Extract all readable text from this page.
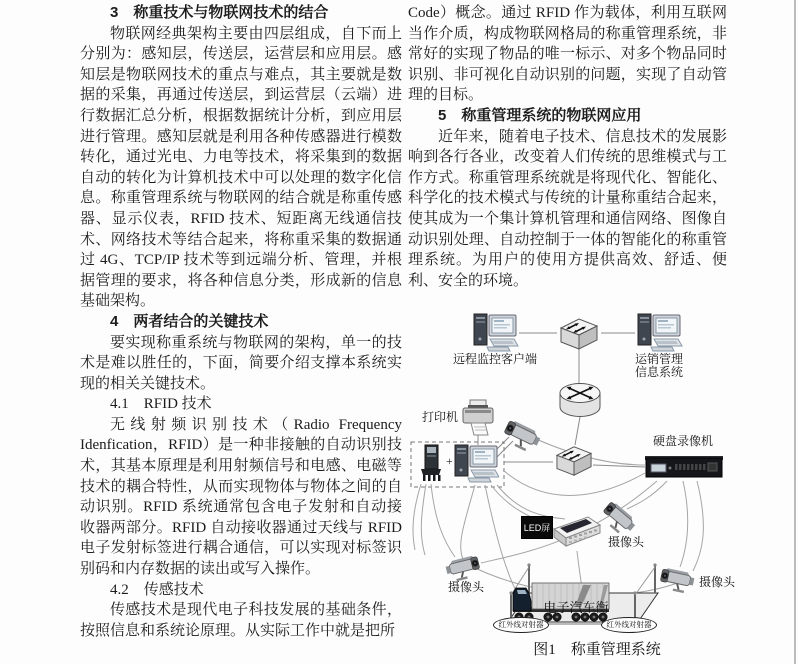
3　称重技术与物联网技术的结合

物联网经典架构主要由四层组成，自下而上分别为：感知层，传送层，运营层和应用层。感知层是物联网技术的重点与难点，其主要就是数据的采集，再通过传送层，到运营层（云端）进行数据汇总分析，根据数据统计分析，到应用层进行管理。感知层就是利用各种传感器进行模数转化，通过光电、力电等技术，将采集到的数据自动的转化为计算机技术中可以处理的数字化信息。称重管理系统与物联网的结合就是称重传感器、显示仪表，RFID 技术、短距离无线通信技术、网络技术等结合起来，将称重采集的数据通过 4G、TCP/IP 技术等到远端分析、管理，并根据管理的要求，将各种信息分类，形成新的信息基础架构。

4　两者结合的关键技术

要实现称重系统与物联网的架构，单一的技术是难以胜任的，下面，简要介绍支撑本系统实现的相关关键技术。

4.1　RFID 技术

无线射频识别技术（Radio Frequency Idenfication，RFID）是一种非接触的自动识别技术，其基本原理是利用射频信号和电感、电磁等技术的耦合特性，从而实现物体与物体之间的自动识别。RFID 系统通常包含电子发射和自动接收器两部分。RFID 自动接收器通过天线与 RFID 电子发射标签进行耦合通信，可以实现对标签识别码和内存数据的读出或写入操作。

4.2　传感技术

传感技术是现代电子科技发展的基础条件，按照信息和系统论原理。从实际工作中就是把所

Code）概念。通过 RFID 作为载体，利用互联网当作介质，构成物联网格局的称重管理系统，非常好的实现了物品的唯一标示、对多个物品同时识别、非可视化自动识别的问题，实现了自动管理的目标。

5　称重管理系统的物联网应用

近年来，随着电子技术、信息技术的发展影响到各行各业，改变着人们传统的思维模式与工作方式。称重管理系统就是将现代化、智能化、科学化的技术模式与传统的计量称重结合起来，使其成为一个集计算机管理和通信网络、图像自动识别处理、自动控制于一体的智能化的称重管理系统。为用户的使用方提供高效、舒适、便利、安全的环境。

远程监控客户端	运销管理
信息系统
打印机
+
硬盘录像机
LED屏
摄像头
摄像头	摄像头
电子汽车衡
红外线对射器	红外线对射器
图1　称重管理系统
